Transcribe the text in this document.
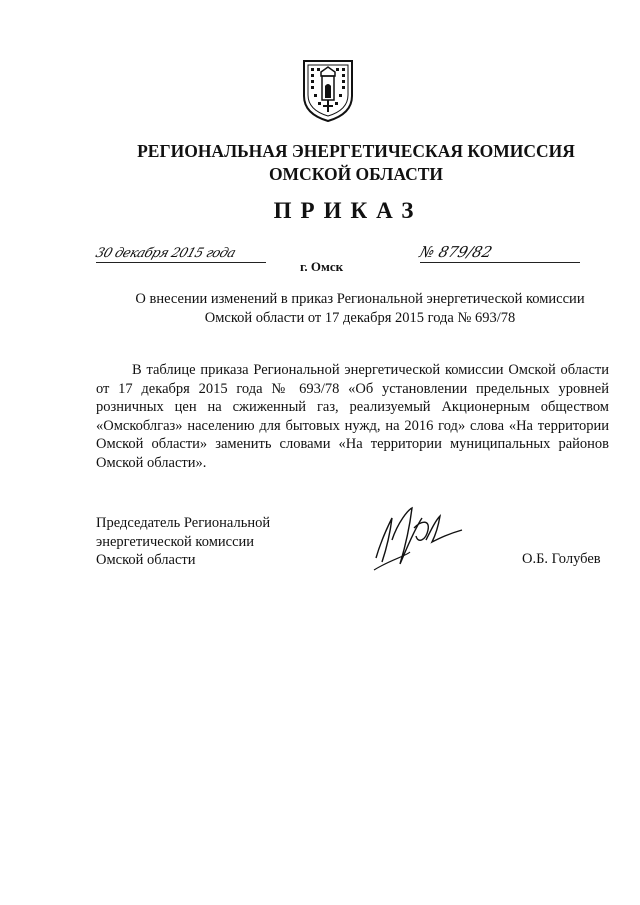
РЕГИОНАЛЬНАЯ ЭНЕРГЕТИЧЕСКАЯ КОМИССИЯ
ОМСКОЙ ОБЛАСТИ
ПРИКАЗ
30 декабря 2015 года
г. Омск
№ 879/82
О внесении изменений в приказ Региональной энергетической комиссии
Омской области от 17 декабря 2015 года № 693/78
В таблице приказа Региональной энергетической комиссии Омской области от 17 декабря 2015 года № 693/78 «Об установлении предельных уровней розничных цен на сжиженный газ, реализуемый Акционерным обществом «Омскоблгаз» населению для бытовых нужд, на 2016 год» слова «На территории Омской области» заменить словами «На территории муниципальных районов Омской области».
Председатель Региональной
энергетической комиссии
Омской области	О.Б. Голубев
